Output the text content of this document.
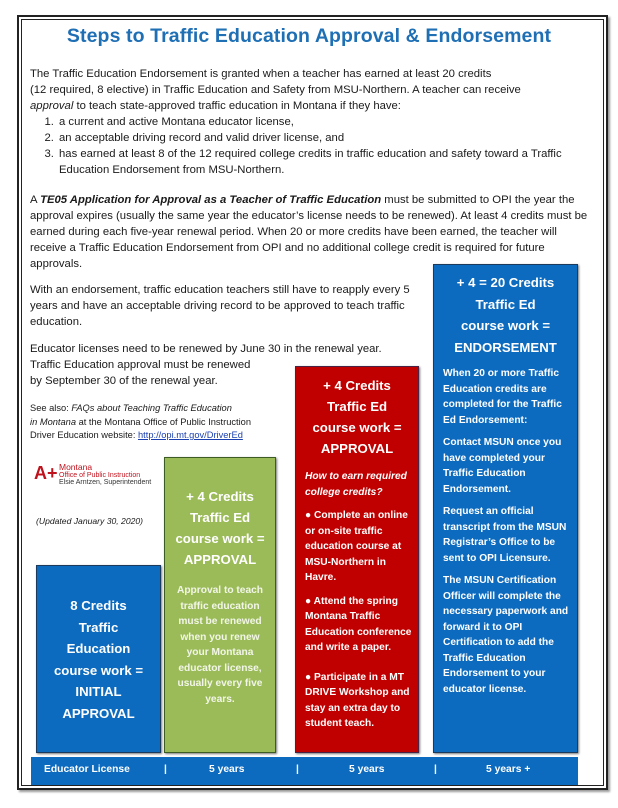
Steps to Traffic Education Approval & Endorsement
The Traffic Education Endorsement is granted when a teacher has earned at least 20 credits
(12 required, 8 elective) in Traffic Education and Safety from MSU-Northern. A teacher can receive
approval to teach state-approved traffic education in Montana if they have:
1. a current and active Montana educator license,
2. an acceptable driving record and valid driver license, and
3. has earned at least 8 of the 12 required college credits in traffic education and safety toward a Traffic Education Endorsement from MSU-Northern.
A TE05 Application for Approval as a Teacher of Traffic Education must be submitted to OPI the year the approval expires (usually the same year the educator’s license needs to be renewed). At least 4 credits must be earned during each five-year renewal period. When 20 or more credits have been earned, the teacher will receive a Traffic Education Endorsement from OPI and no additional college credit is required for future approvals.
With an endorsement, traffic education teachers still have to reapply every 5 years and have an acceptable driving record to be approved to teach traffic education.
Educator licenses need to be renewed by June 30 in the renewal year.
Traffic Education approval must be renewed
by September 30 of the renewal year.
See also: FAQs about Teaching Traffic Education
in Montana at the Montana Office of Public Instruction
Driver Education website: http://opi.mt.gov/DriverEd
A+ Montana
Office of Public Instruction
Elsie Arntzen, Superintendent
(Updated January 30, 2020)
8 Credits
Traffic
Education
course work =
INITIAL
APPROVAL
+ 4 Credits
Traffic Ed
course work =
APPROVAL
Approval to teach traffic education must be renewed when you renew your Montana educator license, usually every five years.
+ 4 Credits
Traffic Ed
course work =
APPROVAL
How to earn required college credits?
● Complete an online or on-site traffic education course at MSU-Northern in Havre.
● Attend the spring Montana Traffic Education conference and write a paper.
● Participate in a MT DRIVE Workshop and stay an extra day to student teach.
+ 4 = 20 Credits
Traffic Ed
course work =
ENDORSEMENT
When 20 or more Traffic Education credits are completed for the Traffic Ed Endorsement:
Contact MSUN once you have completed your Traffic Education Endorsement.
Request an official transcript from the MSUN Registrar’s Office to be sent to OPI Licensure.
The MSUN Certification Officer will complete the necessary paperwork and forward it to OPI Certification to add the Traffic Education Endorsement to your educator license.
Educator License	|	5 years	|	5 years	|	5 years +
